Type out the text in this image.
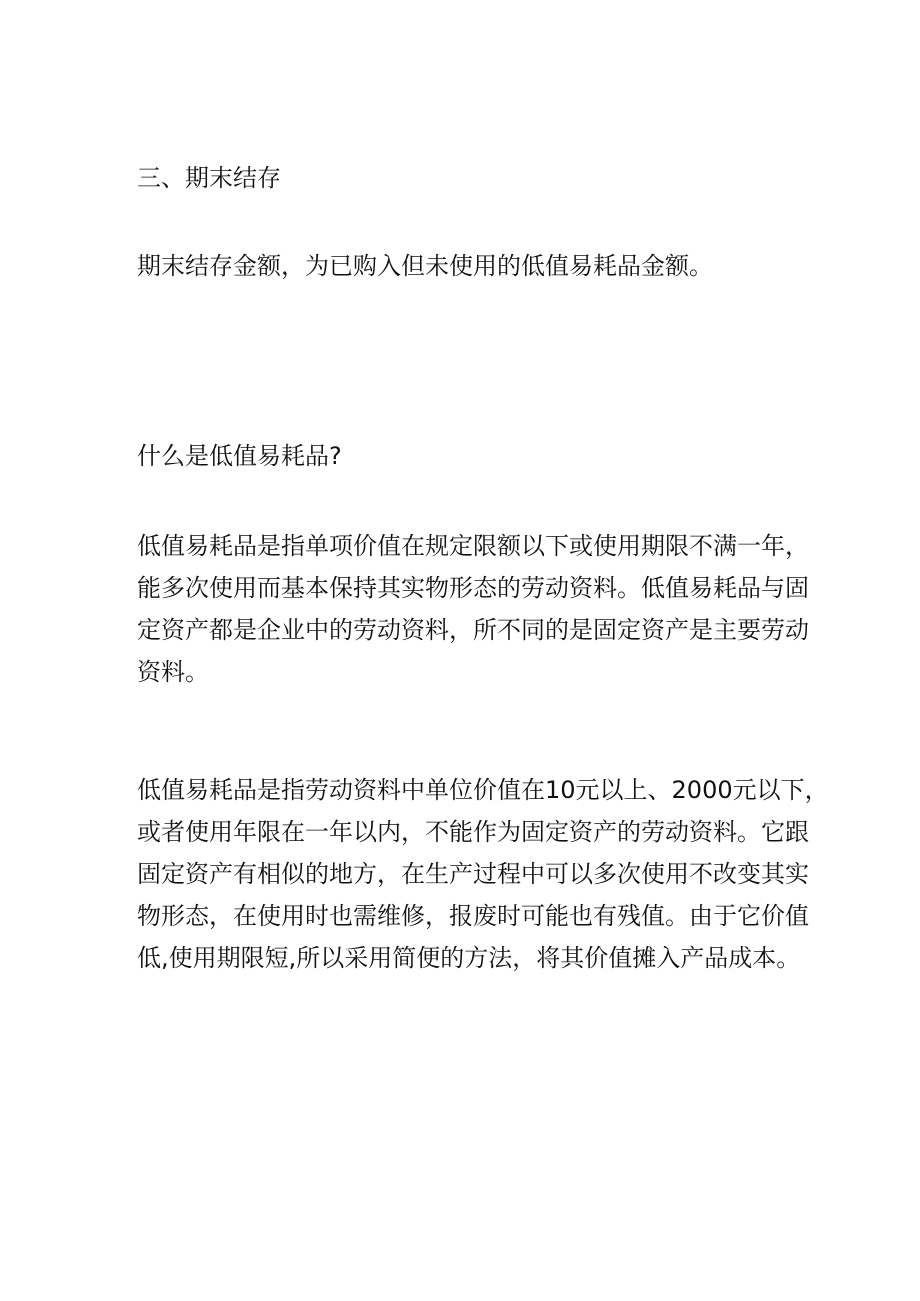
三、期末结存

期末结存金额，为已购入但未使用的低值易耗品金额。

什么是低值易耗品?

低值易耗品是指单项价值在规定限额以下或使用期限不满一年，
能多次使用而基本保持其实物形态的劳动资料。低值易耗品与固
定资产都是企业中的劳动资料，所不同的是固定资产是主要劳动
资料。

低值易耗品是指劳动资料中单位价值在10元以上、2000元以下，
或者使用年限在一年以内，不能作为固定资产的劳动资料。它跟
固定资产有相似的地方，在生产过程中可以多次使用不改变其实
物形态，在使用时也需维修，报废时可能也有残值。由于它价值
低,使用期限短,所以采用简便的方法，将其价值摊入产品成本。
